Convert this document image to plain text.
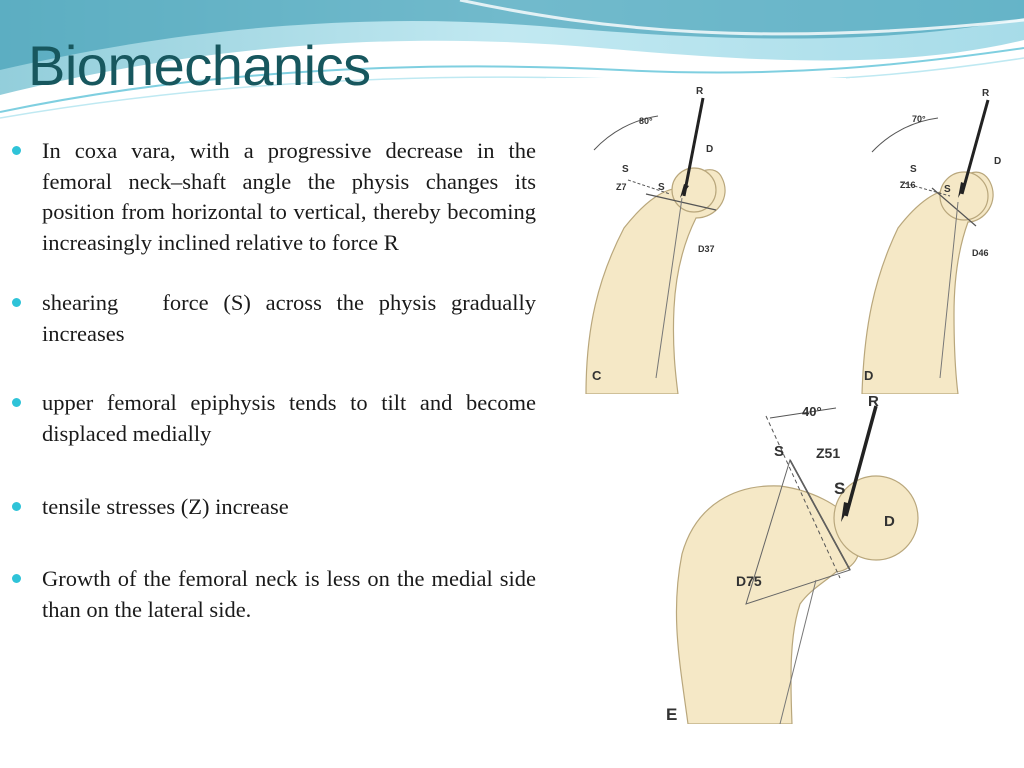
Biomechanics
In coxa vara, with a progressive decrease in the femoral neck–shaft angle the physis changes its position from horizontal to vertical, thereby becoming increasingly inclined relative to force R
shearing   force (S) across the physis gradually increases
upper femoral epiphysis tends to tilt and become displaced medially
tensile stresses (Z) increase
Growth of the femoral neck is less on the medial side than on the lateral side.
80°
R
D
S
S
Z7
D37
C
70°
R
D
S
S
Z16
D46
D
40°
R
D
S
S
Z51
D75
E
